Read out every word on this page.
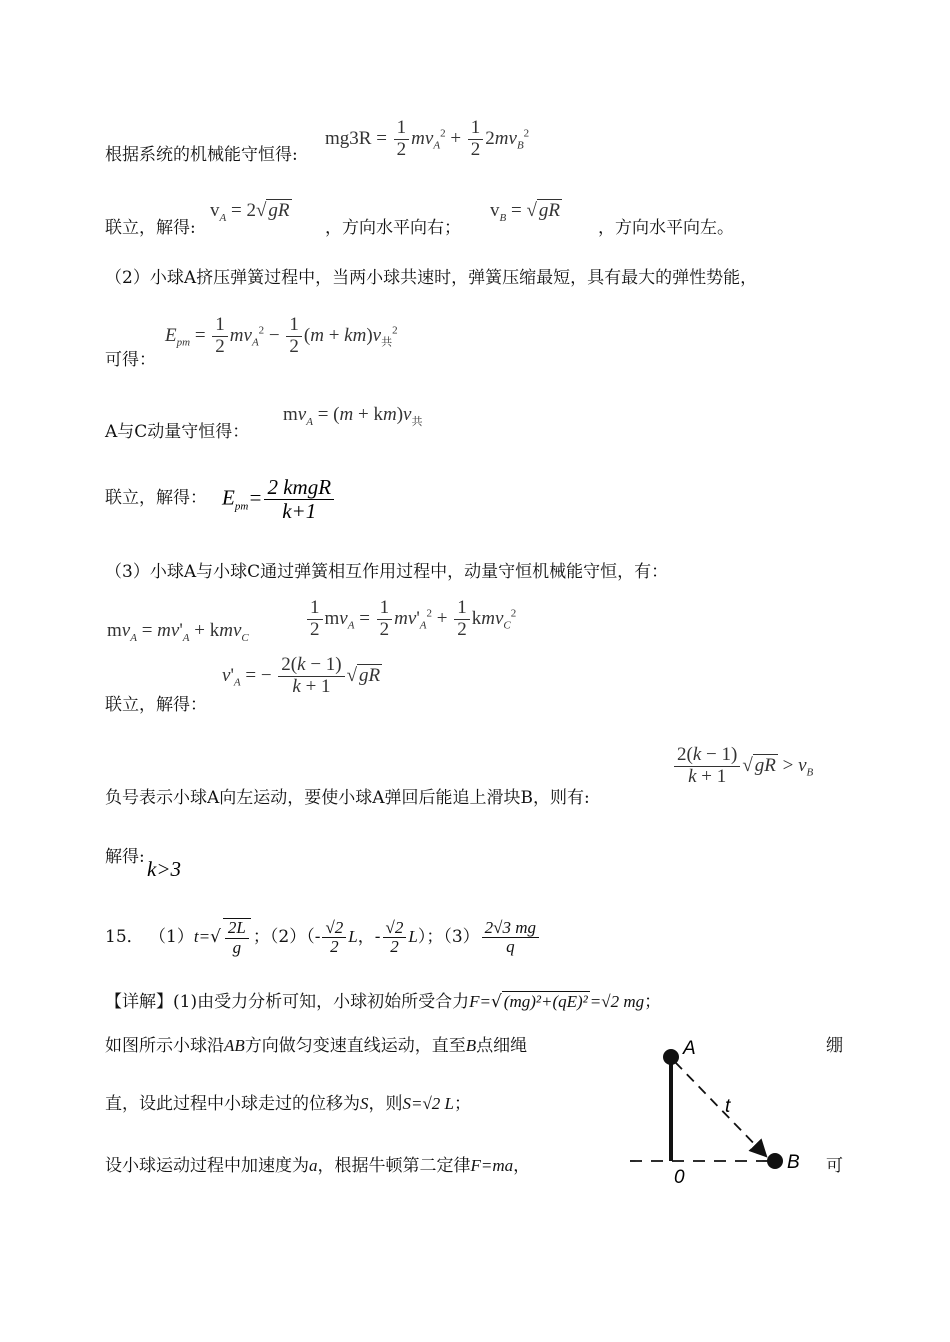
$mg3R = \frac{1}{2} mv_A^2 + \frac{1}{2} 2mv_B^2$
根据系统的机械能守恒得:
联立，解得:
$v_A = 2√$ gR
，方向水平向右；
$v_B$ = √ gR
，方向水平向左。
（2）小球A挤压弹簧过程中，当两小球共速时，弹簧压缩最短，具有最大的弹性势能，
$E_{pm} = \frac{1}{2} mv_A^2 - \frac{1}{2} (m + km)v_共^2$
可得：
$mv_A = (m + km)v_共$
A与C动量守恒得：
联立，解得： $E_{pm}= \frac{\text{2 kmgR}}{k+1}$
（3）小球A与小球C通过弹簧相互作用过程中，动量守恒机械能守恒，有：
$mv_A = mv'_A + kmv_C$	$\frac{1}{2} mv_A = \frac{1}{2} mv'_A^2 + \frac{1}{2} kmv_C^2$
$v'_A$ = − $\frac{2(k - 1)}{k + 1}$ √ gR
联立，解得：
$\frac{2(k - 1)}{k + 1}$ √ gR > $v_B$
负号表示小球A向左运动，要使小球A弹回后能追上滑块B，则有:
解得: k>3
15． $(1)t=√ \frac{2L}{g}$ ；$(2)(- \frac{√2}{2}$ L，- $\frac{√2}{2} L$）；$(3) \frac{2√3 mg}{q}$
【详解】(1)由受力分析可知，小球初始所受合力F=√ (mg)²+(qE)² =√2 mg；
如图所示小球沿AB方向做匀变速直线运动，直至B点细绳	绷
直，设此过程中小球走过的位移为S，则S=√2 L；
设小球运动过程中加速度为a，根据牛顿第二定律F=ma，	可
A
t
B
0
